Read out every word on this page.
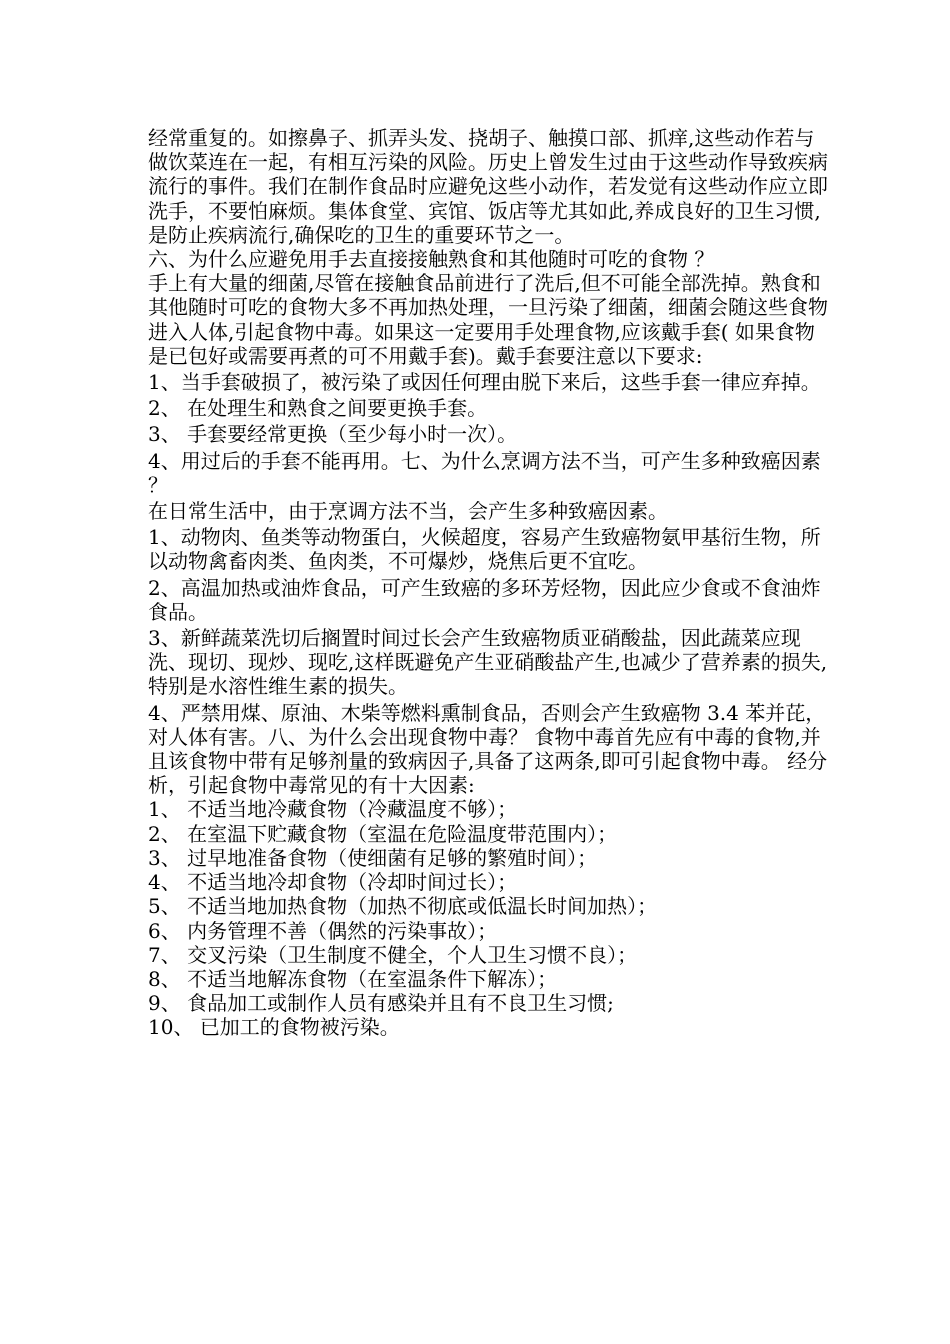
经常重复的。如擦鼻子、抓弄头发、挠胡子、触摸口部、抓痒,这些动作若与做饮菜连在一起，有相互污染的风险。历史上曾发生过由于这些动作导致疾病流行的事件。我们在制作食品时应避免这些小动作，若发觉有这些动作应立即洗手，不要怕麻烦。集体食堂、宾馆、饭店等尤其如此,养成良好的卫生习惯,是防止疾病流行,确保吃的卫生的重要环节之一。

六、为什么应避免用手去直接接触熟食和其他随时可吃的食物 ？

手上有大量的细菌,尽管在接触食品前进行了洗后,但不可能全部洗掉。熟食和其他随时可吃的食物大多不再加热处理，一旦污染了细菌，细菌会随这些食物进入人体,引起食物中毒。如果这一定要用手处理食物,应该戴手套( 如果食物是已包好或需要再煮的可不用戴手套)。戴手套要注意以下要求:

1、当手套破损了，被污染了或因任何理由脱下来后，这些手套一律应弃掉。

2、 在处理生和熟食之间要更换手套。

3、 手套要经常更换（至少每小时一次）。

4、用过后的手套不能再用。七、为什么烹调方法不当，可产生多种致癌因素 ？

在日常生活中，由于烹调方法不当，会产生多种致癌因素。

1、动物肉、鱼类等动物蛋白，火候超度，容易产生致癌物氨甲基衍生物，所以动物禽畜肉类、鱼肉类，不可爆炒，烧焦后更不宜吃。

2、高温加热或油炸食品，可产生致癌的多环芳烃物，因此应少食或不食油炸食品。

3、新鲜蔬菜洗切后搁置时间过长会产生致癌物质亚硝酸盐，因此蔬菜应现洗、现切、现炒、现吃,这样既避免产生亚硝酸盐产生,也减少了营养素的损失,特别是水溶性维生素的损失。

4、严禁用煤、原油、木柴等燃料熏制食品，否则会产生致癌物 3.4 苯并芘，对人体有害。八、为什么会出现食物中毒？ 食物中毒首先应有中毒的食物,并且该食物中带有足够剂量的致病因子,具备了这两条,即可引起食物中毒。 经分析，引起食物中毒常见的有十大因素:

1、 不适当地冷藏食物（冷藏温度不够）；

2、 在室温下贮藏食物（室温在危险温度带范围内）；

3、 过早地准备食物（使细菌有足够的繁殖时间）；

4、 不适当地冷却食物（冷却时间过长）；

5、 不适当地加热食物（加热不彻底或低温长时间加热）；

6、 内务管理不善（偶然的污染事故）；

7、 交叉污染（卫生制度不健全，个人卫生习惯不良）；

8、 不适当地解冻食物（在室温条件下解冻）；

9、 食品加工或制作人员有感染并且有不良卫生习惯;

10、 已加工的食物被污染。
